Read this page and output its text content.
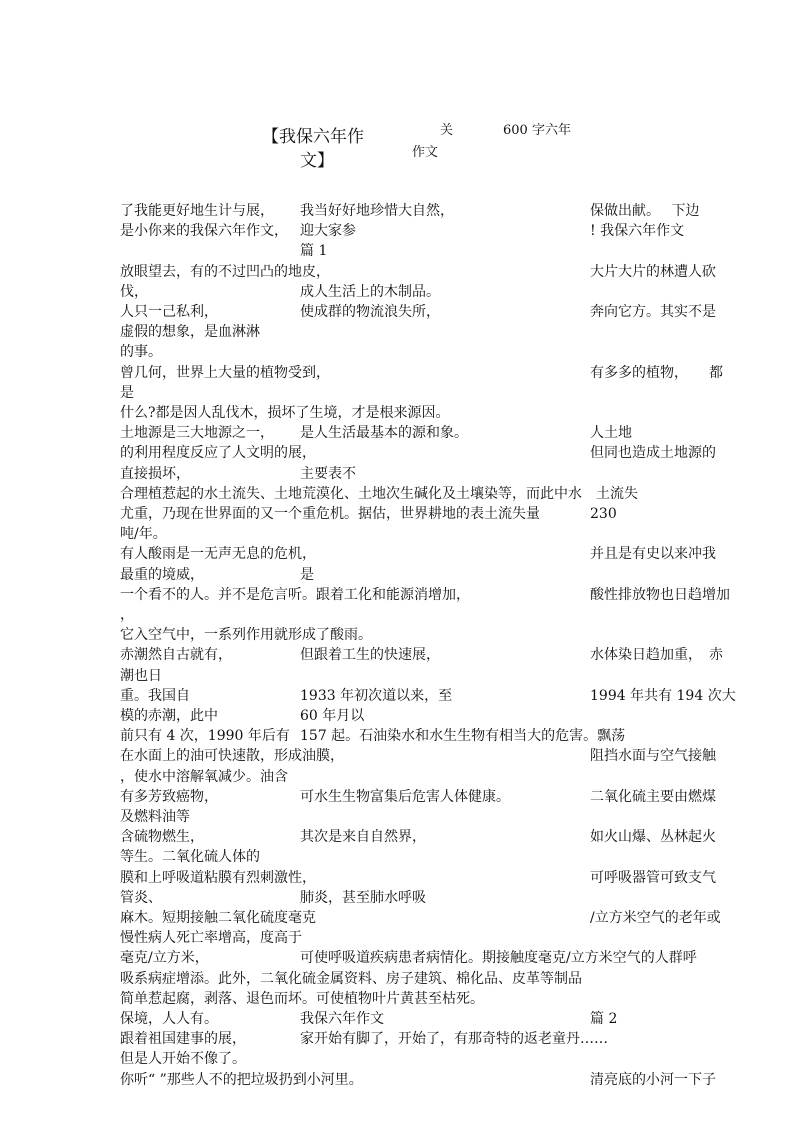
【我保六年作
文】
关	600 字六年
作文
了我能更好地生计与展， 我当好好地珍惜大自然，	保做出献。　 下边
是小你来的我保六年作文， 迎大家参	! 我保六年作文
篇 1
放眼望去，有的不过凹凸的地皮，	大片大片的林遭人砍
伐，	成人生活上的木制品。
人只一己私利，	使成群的物流浪失所，	奔向它方。其实不是
虚假的想象，是血淋淋
的事。
曾几何，世界上大量的植物受到，	有多多的植物，　　都
是
什么?都是因人乱伐木，损坏了生境，才是根来源因。
土地源是三大地源之一， 是人生活最基本的源和象。	人土地
的利用程度反应了人文明的展，	但同也造成土地源的
直接损坏，	主要表不
合理植惹起的水土流失、土地荒漠化、土地次生碱化及土壤染等，而此中水　土流失
尤重，乃现在世界面的又一个重危机。据估，世界耕地的表土流失量	230
吨/年。
有人酸雨是一无声无息的危机，	并且是有史以来冲我
最重的境威，	是
一个看不的人。并不是危言听。跟着工化和能源消增加，	酸性排放物也日趋增加
，
它入空气中，一系列作用就形成了酸雨。
赤潮然自古就有，	但跟着工生的快速展，	水体染日趋加重，　赤
潮也日
重。我国自	1933 年初次道以来，至	1994 年共有 194 次大
模的赤潮，此中	60 年月以
前只有 4 次，1990 年后有 157 起。石油染水和水生生物有相当大的危害。飘荡
在水面上的油可快速散，形成油膜，	阻挡水面与空气接触
，使水中溶解氧减少。油含
有多芳致癌物，	可水生生物富集后危害人体健康。	二氧化硫主要由燃煤
及燃料油等
含硫物燃生，	其次是来自自然界，	如火山爆、丛林起火
等生。二氧化硫人体的
膜和上呼吸道粘膜有烈刺激性，	可呼吸器管可致支气
管炎、	肺炎，甚至肺水呼吸
麻木。短期接触二氧化硫度毫克	/立方米空气的老年或
慢性病人死亡率增高，度高于
毫克/立方米，	可使呼吸道疾病患者病情化。期接触度毫克/立方米空气的人群呼
吸系病症增添。此外，二氧化硫金属资料、房子建筑、棉化品、皮革等制品
简单惹起腐，剥落、退色而坏。可使植物叶片黄甚至枯死。
保境，人人有。	我保六年作文	篇 2
跟着祖国建事的展，	家开始有脚了，开始了，有那奇特的返老童丹……
但是人开始不像了。
你听“ ”那些人不的把垃圾扔到小河里。	清亮底的小河一下子
